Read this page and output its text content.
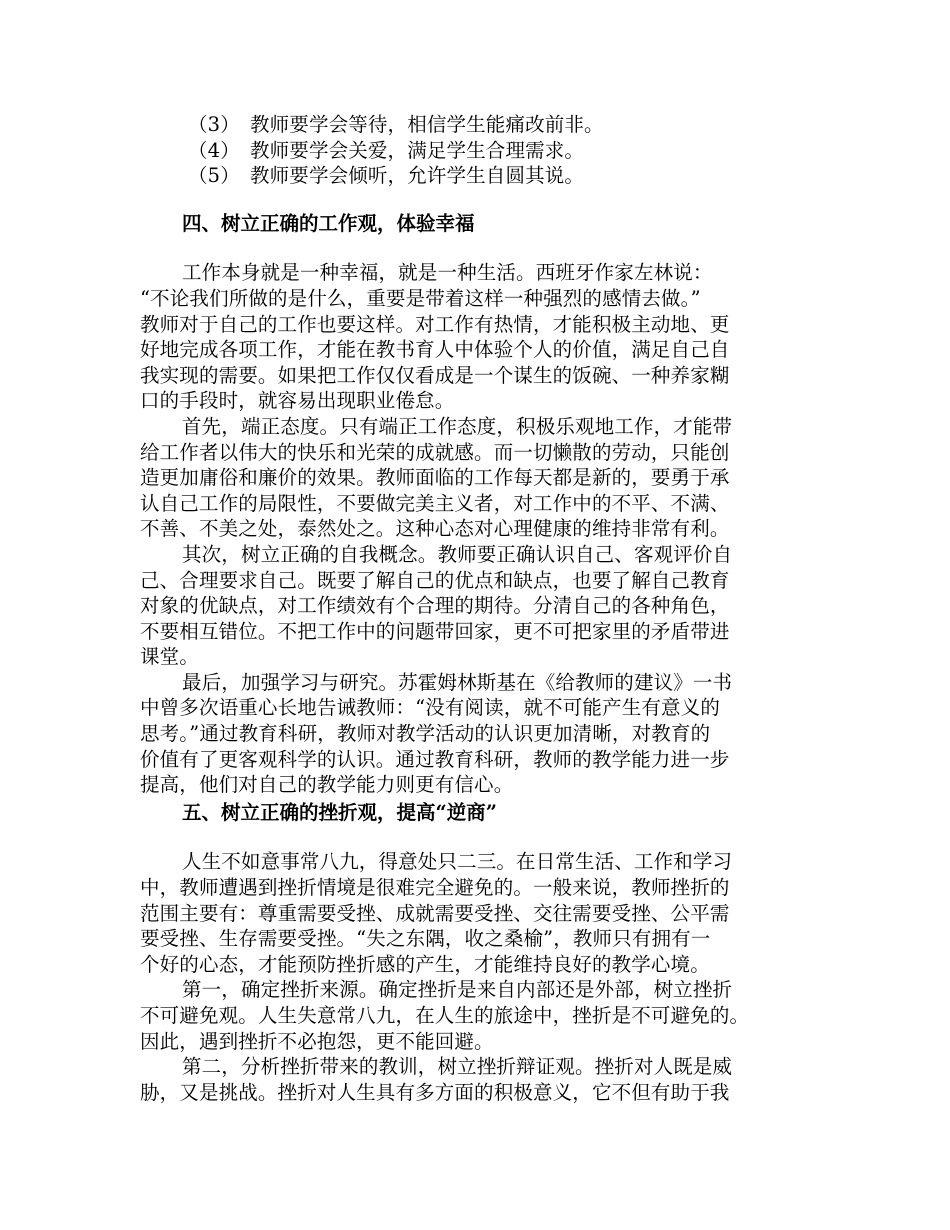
（3） 教师要学会等待，相信学生能痛改前非。
（4） 教师要学会关爱，满足学生合理需求。
（5） 教师要学会倾听，允许学生自圆其说。
四、树立正确的工作观，体验幸福
工作本身就是一种幸福，就是一种生活。西班牙作家左林说：
“不论我们所做的是什么，重要是带着这样一种强烈的感情去做。”
教师对于自己的工作也要这样。对工作有热情，才能积极主动地、更
好地完成各项工作，才能在教书育人中体验个人的价值，满足自己自
我实现的需要。如果把工作仅仅看成是一个谋生的饭碗、一种养家糊
口的手段时，就容易出现职业倦怠。
首先，端正态度。只有端正工作态度，积极乐观地工作，才能带
给工作者以伟大的快乐和光荣的成就感。而一切懒散的劳动，只能创
造更加庸俗和廉价的效果。教师面临的工作每天都是新的，要勇于承
认自己工作的局限性，不要做完美主义者，对工作中的不平、不满、
不善、不美之处，泰然处之。这种心态对心理健康的维持非常有利。
其次，树立正确的自我概念。教师要正确认识自己、客观评价自
己、合理要求自己。既要了解自己的优点和缺点，也要了解自己教育
对象的优缺点，对工作绩效有个合理的期待。分清自己的各种角色，
不要相互错位。不把工作中的问题带回家，更不可把家里的矛盾带进
课堂。
最后，加强学习与研究。苏霍姆林斯基在《给教师的建议》一书
中曾多次语重心长地告诫教师：“没有阅读，就不可能产生有意义的
思考。”通过教育科研，教师对教学活动的认识更加清晰，对教育的
价值有了更客观科学的认识。通过教育科研，教师的教学能力进一步
提高，他们对自己的教学能力则更有信心。
五、树立正确的挫折观，提高“逆商”
人生不如意事常八九，得意处只二三。在日常生活、工作和学习
中，教师遭遇到挫折情境是很难完全避免的。一般来说，教师挫折的
范围主要有：尊重需要受挫、成就需要受挫、交往需要受挫、公平需
要受挫、生存需要受挫。“失之东隅，收之桑榆”，教师只有拥有一
个好的心态，才能预防挫折感的产生，才能维持良好的教学心境。
第一，确定挫折来源。确定挫折是来自内部还是外部，树立挫折
不可避免观。人生失意常八九，在人生的旅途中，挫折是不可避免的。
因此，遇到挫折不必抱怨，更不能回避。
第二，分析挫折带来的教训，树立挫折辩证观。挫折对人既是威
胁，又是挑战。挫折对人生具有多方面的积极意义，它不但有助于我
